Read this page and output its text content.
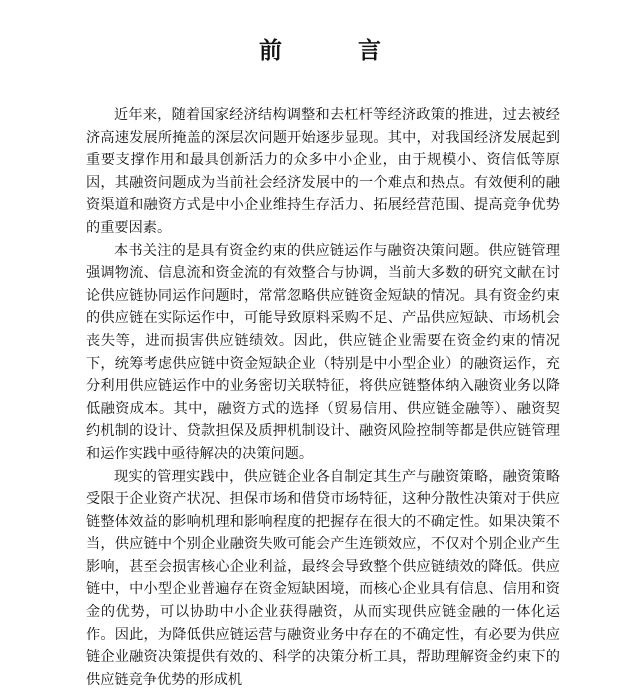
前 言

近年来，随着国家经济结构调整和去杠杆等经济政策的推进，过去被经济高速发展所掩盖的深层次问题开始逐步显现。其中，对我国经济发展起到重要支撑作用和最具创新活力的众多中小企业，由于规模小、资信低等原因，其融资问题成为当前社会经济发展中的一个难点和热点。有效便利的融资渠道和融资方式是中小企业维持生存活力、拓展经营范围、提高竞争优势的重要因素。

本书关注的是具有资金约束的供应链运作与融资决策问题。供应链管理强调物流、信息流和资金流的有效整合与协调，当前大多数的研究文献在讨论供应链协同运作问题时，常常忽略供应链资金短缺的情况。具有资金约束的供应链在实际运作中，可能导致原料采购不足、产品供应短缺、市场机会丧失等，进而损害供应链绩效。因此，供应链企业需要在资金约束的情况下，统筹考虑供应链中资金短缺企业（特别是中小型企业）的融资运作，充分利用供应链运作中的业务密切关联特征，将供应链整体纳入融资业务以降低融资成本。其中，融资方式的选择（贸易信用、供应链金融等）、融资契约机制的设计、贷款担保及质押机制设计、融资风险控制等都是供应链管理和运作实践中亟待解决的决策问题。

现实的管理实践中，供应链企业各自制定其生产与融资策略，融资策略受限于企业资产状况、担保市场和借贷市场特征，这种分散性决策对于供应链整体效益的影响机理和影响程度的把握存在很大的不确定性。如果决策不当，供应链中个别企业融资失败可能会产生连锁效应，不仅对个别企业产生影响，甚至会损害核心企业利益，最终会导致整个供应链绩效的降低。供应链中，中小型企业普遍存在资金短缺困境，而核心企业具有信息、信用和资金的优势，可以协助中小企业获得融资，从而实现供应链金融的一体化运作。因此，为降低供应链运营与融资业务中存在的不确定性，有必要为供应链企业融资决策提供有效的、科学的决策分析工具，帮助理解资金约束下的供应链竞争优势的形成机
